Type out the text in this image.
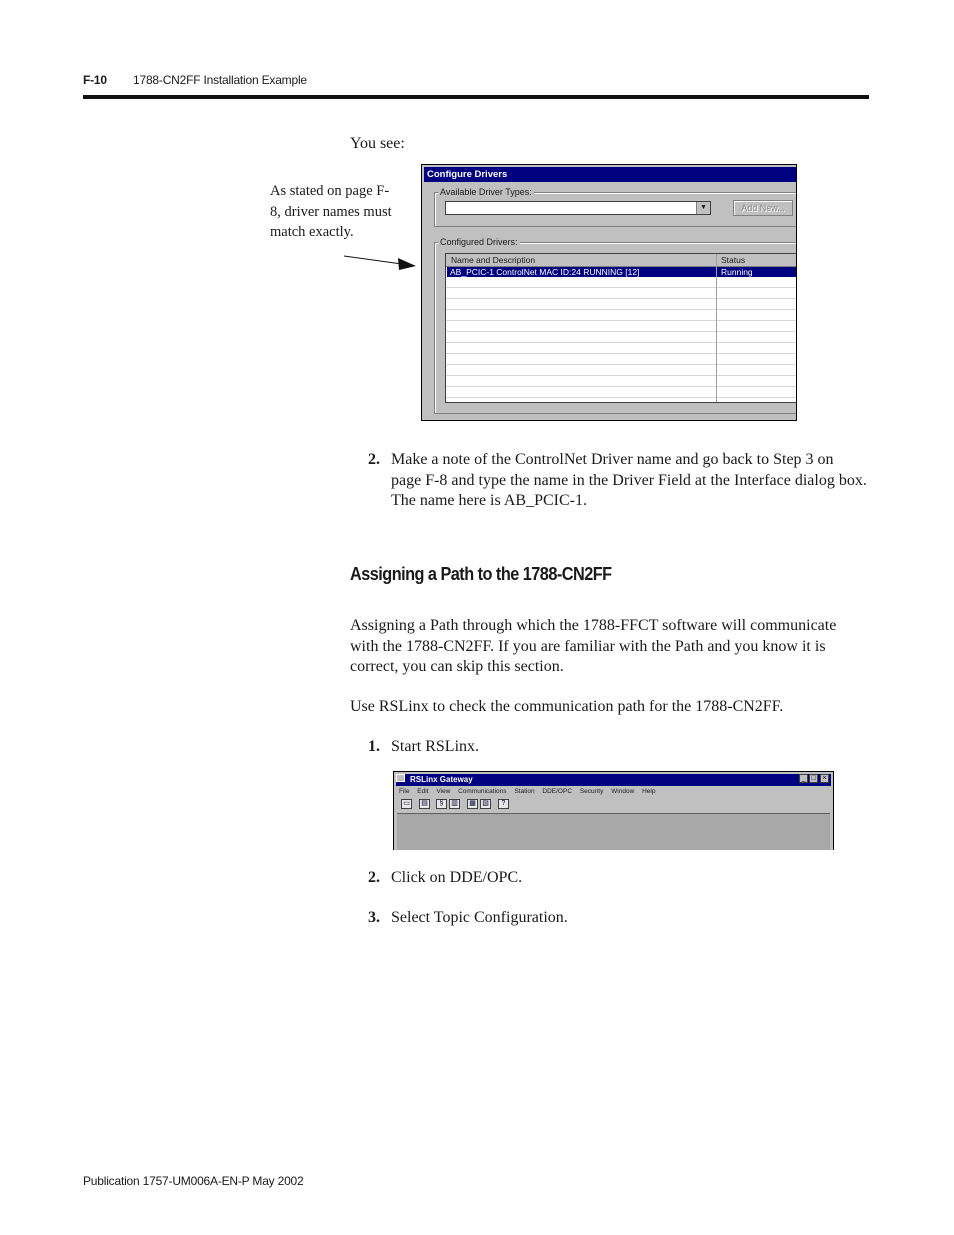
F-10 1788-CN2FF Installation Example
You see:
As stated on page F-8, driver names must match exactly.
Configure Drivers
Available Driver Types:
▼	Add New...
Configured Drivers:
Name and Description	Status
AB_PCIC-1 ControlNet MAC ID:24 RUNNING [12]	Running
2. Make a note of the ControlNet Driver name and go back to Step 3 on page F-8 and type the name in the Driver Field at the Interface dialog box. The name here is AB_PCIC-1.
Assigning a Path to the 1788-CN2FF
Assigning a Path through which the 1788-FFCT software will communicate with the 1788-CN2FF. If you are familiar with the Path and you know it is correct, you can skip this section.
Use RSLinx to check the communication path for the 1788-CN2FF.
1. Start RSLinx.
RSLinx Gateway	_ □ ×
File Edit View Communications Station DDE/OPC Security Window Help
▭	▤	§	▥	▦ ▧	?
2. Click on DDE/OPC.
3. Select Topic Configuration.
Publication 1757-UM006A-EN-P May 2002
